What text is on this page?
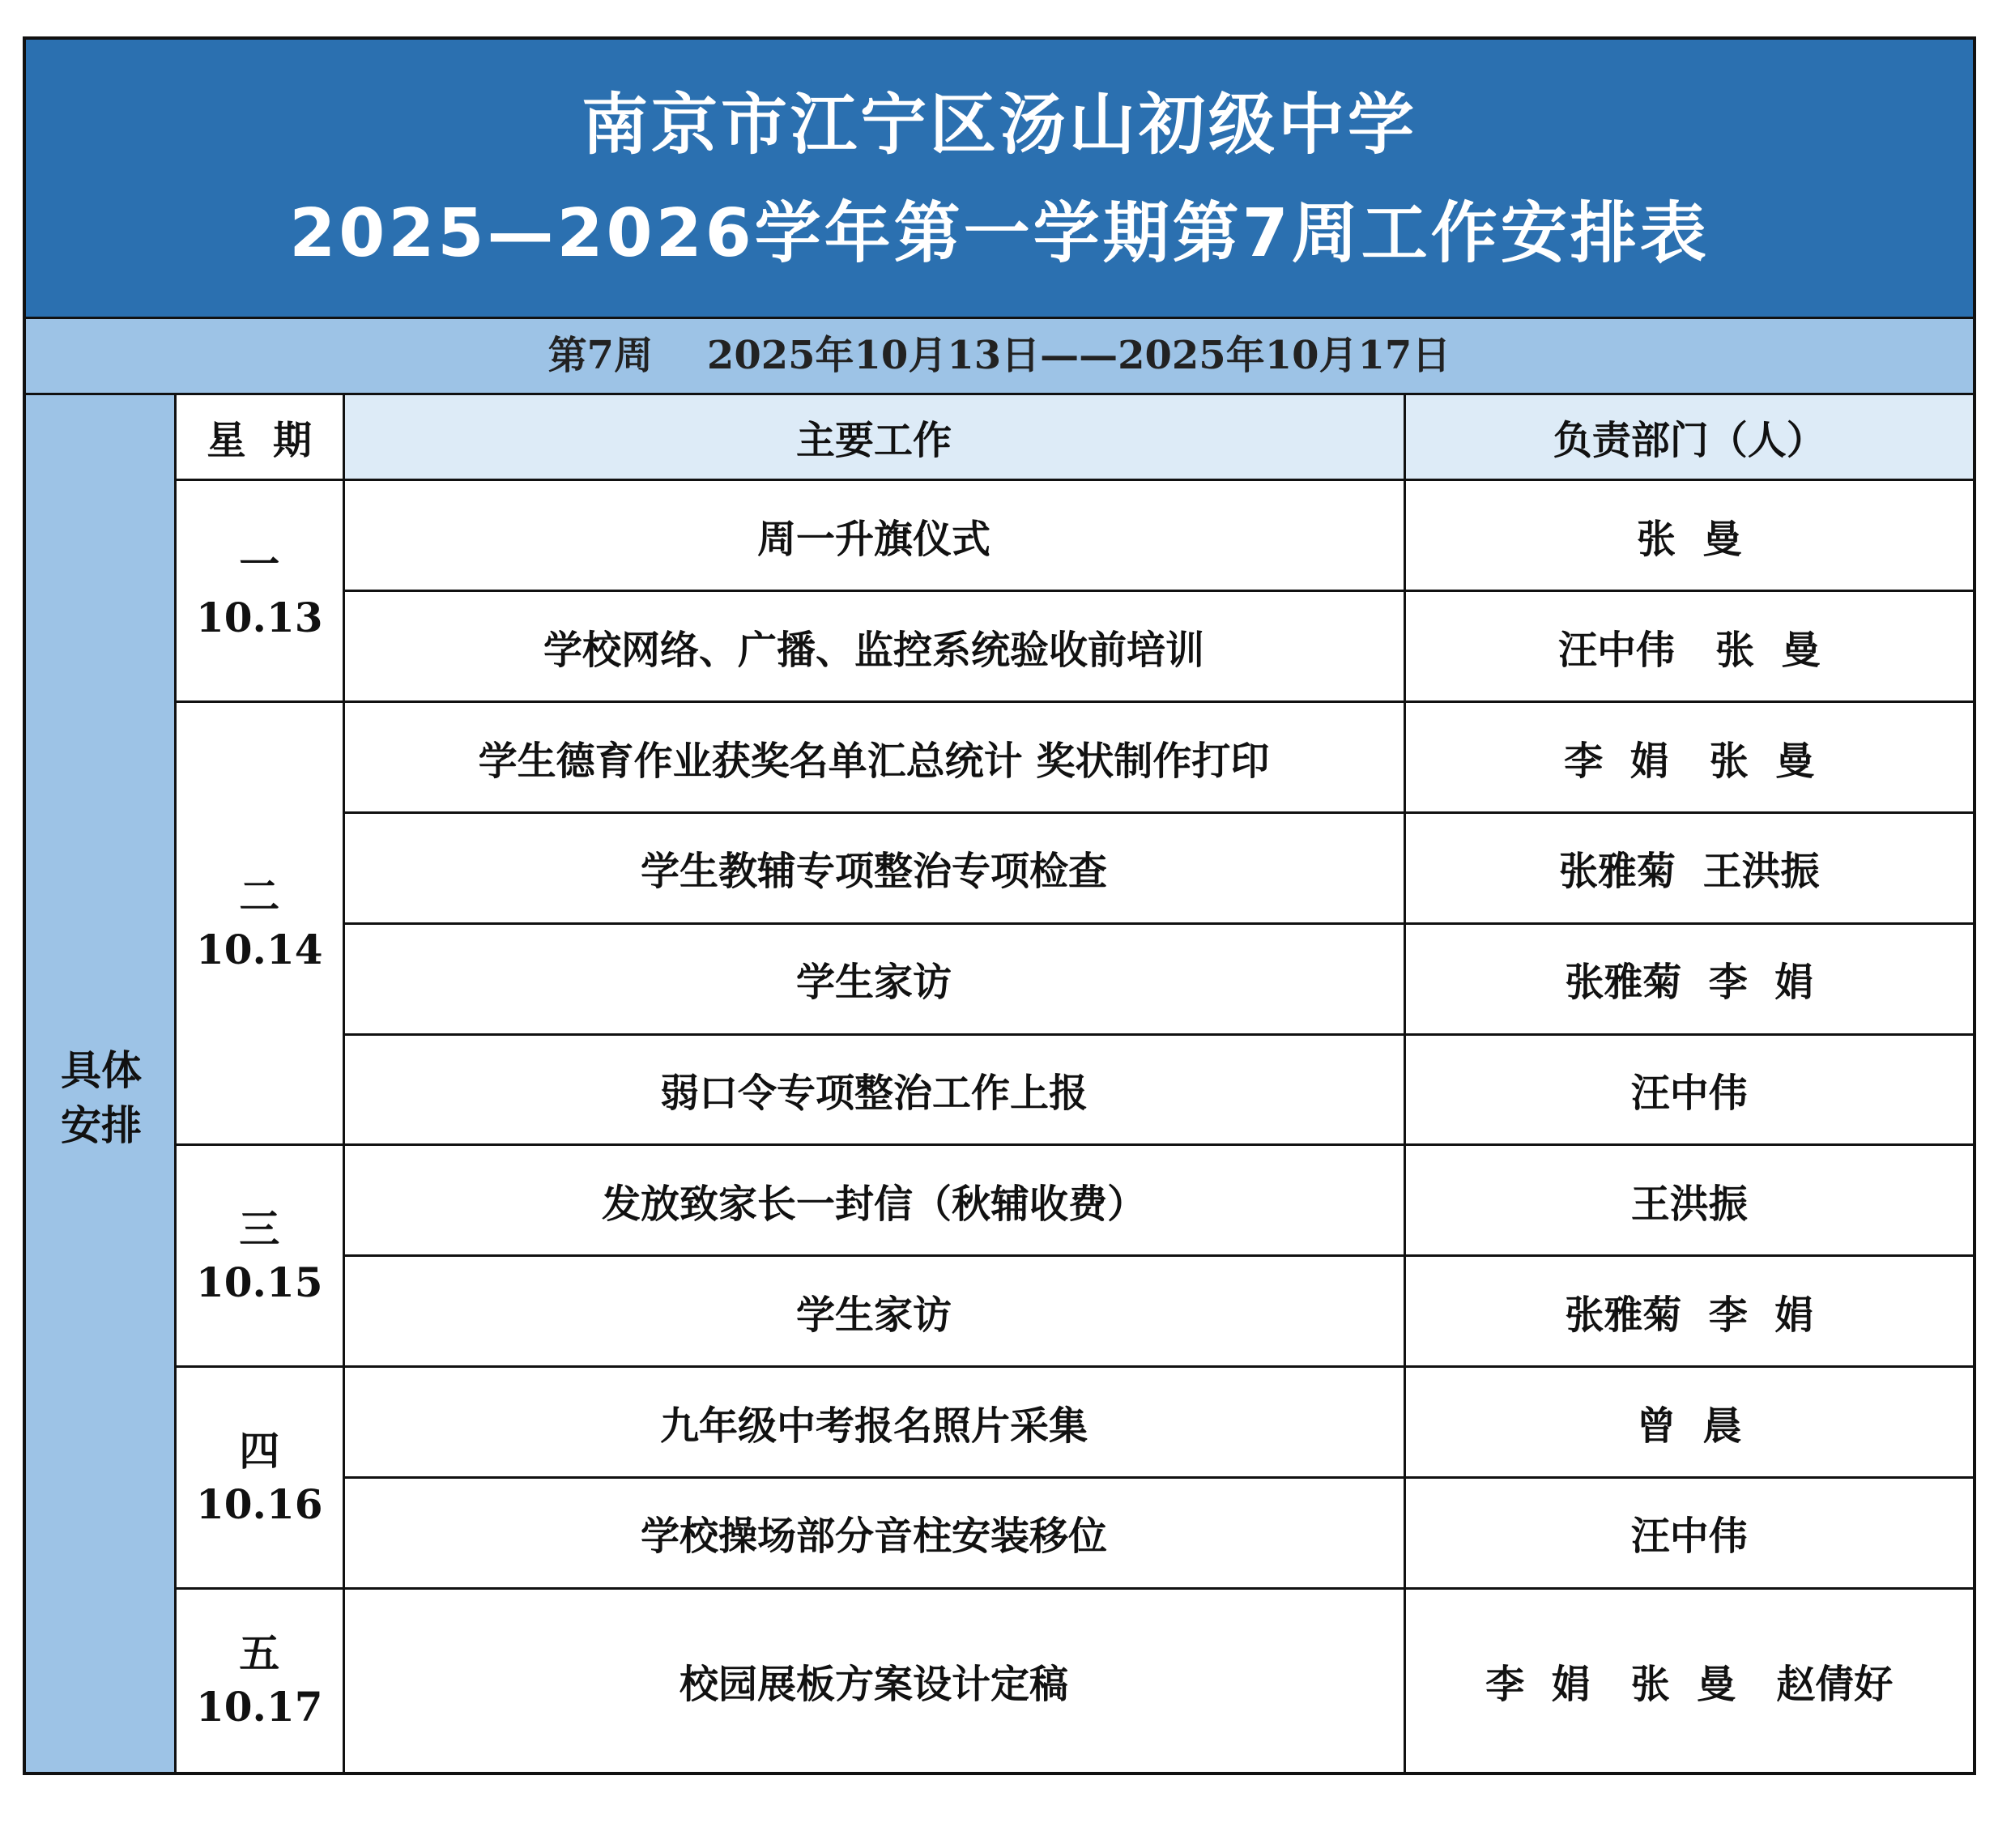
南京市江宁区汤山初级中学
2025—2026学年第一学期第7周工作安排表
第7周 2025年10月13日——2025年10月17日
具体
安排
星  期	主要工作	负责部门（人）

一
10.13	周一升旗仪式	张  曼
	学校网络、广播、监控系统验收前培训	汪中伟   张  曼

二
10.14	学生德育作业获奖名单汇总统计 奖状制作打印	李  娟   张  曼
	学生教辅专项整治专项检查	张雅菊  王洪振
	学生家访	张雅菊  李  娟
	弱口令专项整治工作上报	汪中伟

三
10.15	发放致家长一封信（秋辅收费）	王洪振
	学生家访	张雅菊  李  娟

四
10.16	九年级中考报名照片采集	曾  晨
	学校操场部分音柱安装移位	汪中伟

五
10.17	校园展板方案设计定稿	李  娟   张  曼   赵倩好
